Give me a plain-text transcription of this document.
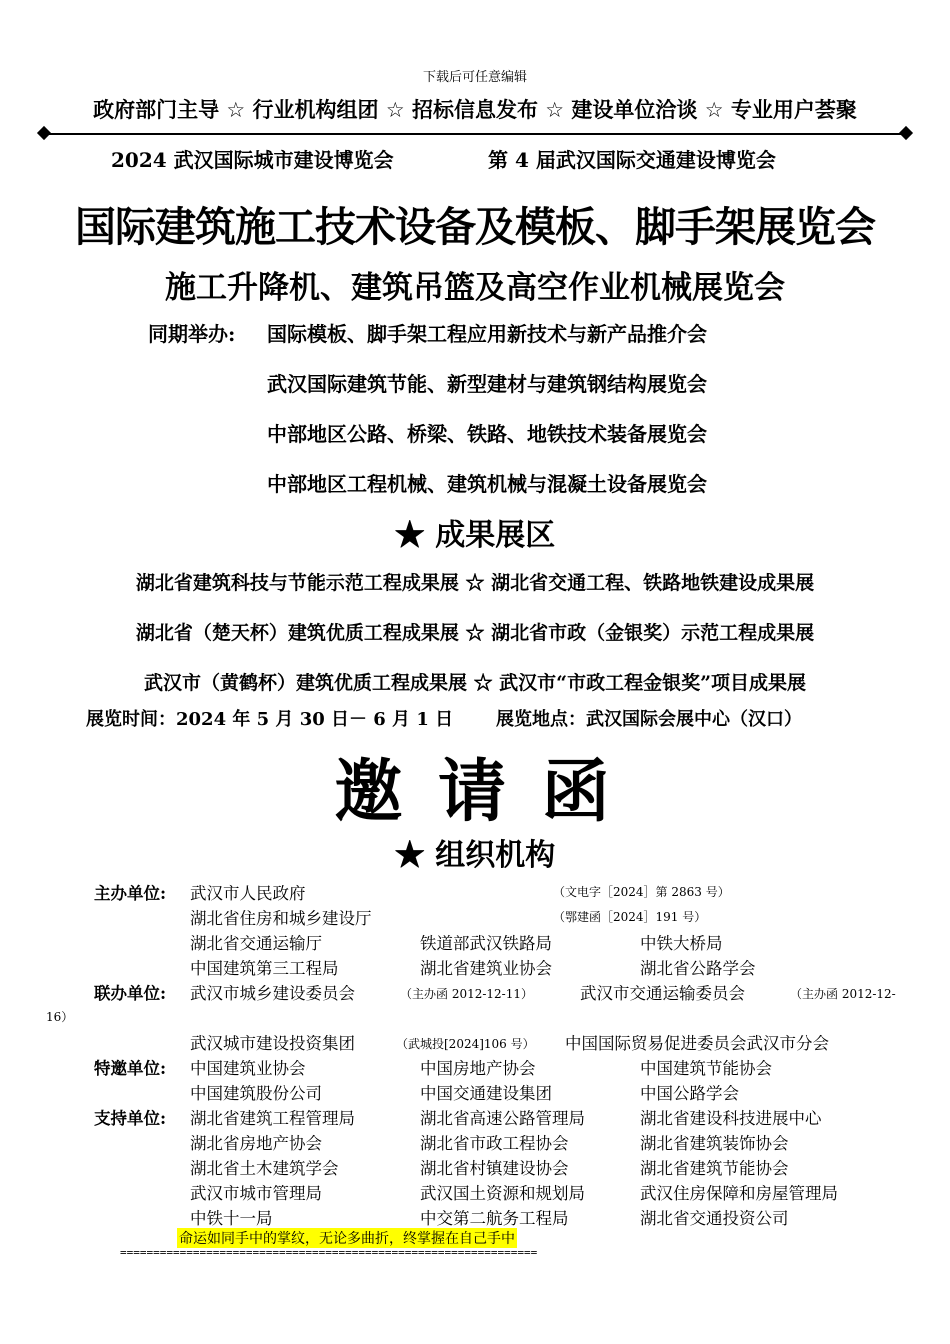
下载后可任意编辑
政府部门主导 ☆ 行业机构组团 ☆ 招标信息发布 ☆ 建设单位洽谈 ☆ 专业用户荟聚
2024 武汉国际城市建设博览会	第 4 届武汉国际交通建设博览会
国际建筑施工技术设备及模板、脚手架展览会
施工升降机、建筑吊篮及高空作业机械展览会
同期举办: 国际模板、脚手架工程应用新技术与新产品推介会
武汉国际建筑节能、新型建材与建筑钢结构展览会
中部地区公路、桥梁、铁路、地铁技术装备展览会
中部地区工程机械、建筑机械与混凝土设备展览会
★ 成果展区
湖北省建筑科技与节能示范工程成果展 ☆ 湖北省交通工程、铁路地铁建设成果展
湖北省（楚天杯）建筑优质工程成果展 ☆ 湖北省市政（金银奖）示范工程成果展
武汉市（黄鹤杯）建筑优质工程成果展 ☆ 武汉市“市政工程金银奖”项目成果展
展览时间：2024 年 5 月 30 日－ 6 月 1 日 展览地点：武汉国际会展中心（汉口）
邀 请 函
★ 组织机构
主办单位: 武汉市人民政府	（文电字［2024］第 2863 号）
湖北省住房和城乡建设厅	（鄂建函［2024］191 号）
湖北省交通运输厅	铁道部武汉铁路局	中铁大桥局
中国建筑第三工程局	湖北省建筑业协会	湖北省公路学会
联办单位: 武汉市城乡建设委员会	（主办函 2012-12-11）	武汉市交通运输委员会	（主办函 2012-12-
16）
武汉城市建设投资集团	（武城投[2024]106 号） 中国国际贸易促进委员会武汉市分会
特邀单位: 中国建筑业协会	中国房地产协会	中国建筑节能协会
中国建筑股份公司	中国交通建设集团	中国公路学会
支持单位: 湖北省建筑工程管理局	湖北省高速公路管理局	湖北省建设科技进展中心
湖北省房地产协会	湖北省市政工程协会	湖北省建筑装饰协会
湖北省土木建筑学会	湖北省村镇建设协会	湖北省建筑节能协会
武汉市城市管理局	武汉国土资源和规划局	武汉住房保障和房屋管理局
中铁十一局	中交第二航务工程局	湖北省交通投资公司
命运如同手中的掌纹，无论多曲折，终掌握在自己手中
===============================================================
